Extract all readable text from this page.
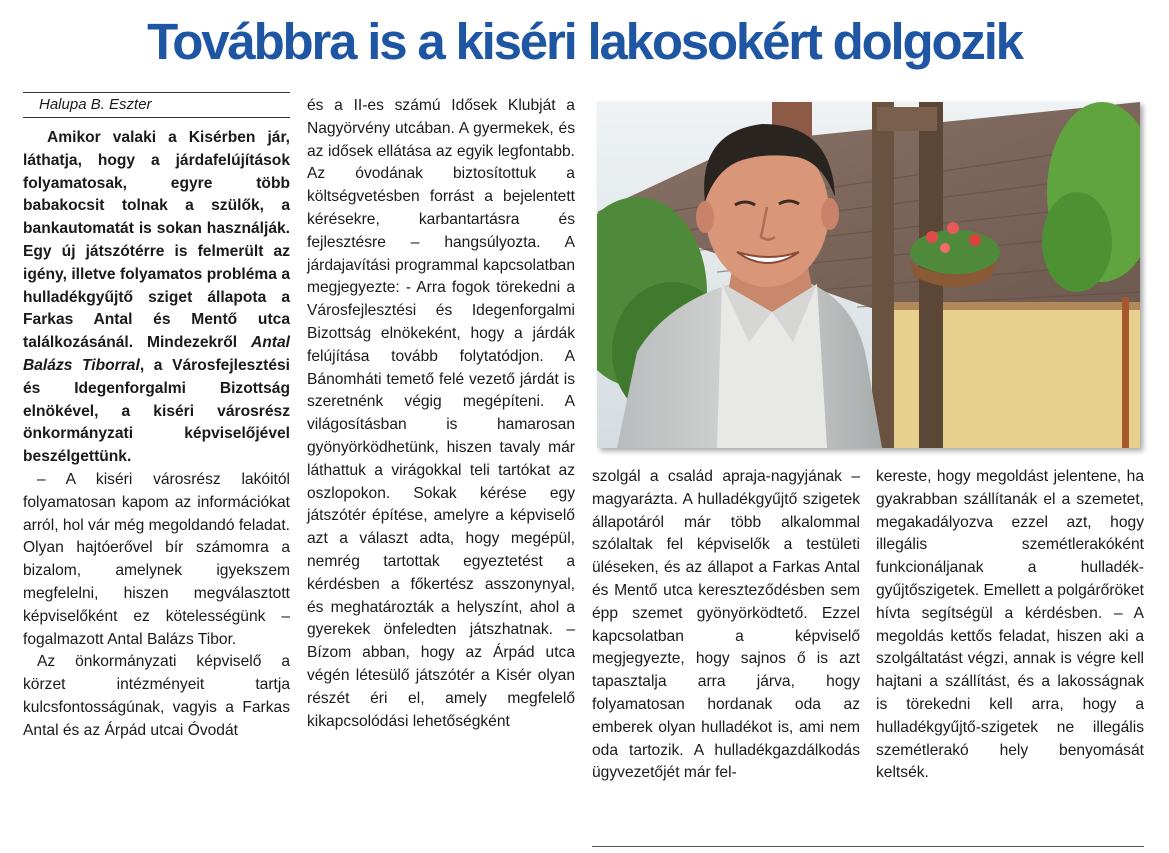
Továbbra is a kiséri lakosokért dolgozik
Halupa B. Eszter

Amikor valaki a Kisérben jár, láthatja, hogy a járdafelújítások folyamatosak, egyre több babakocsit tolnak a szülők, a bankautomatát is sokan használják. Egy új játszótérre is felmerült az igény, illetve folyamatos probléma a hulladékgyűjtő sziget állapota a Farkas Antal és Mentő utca találkozásánál. Mindezekről Antal Balázs Tiborral, a Városfejlesztési és Idegenforgalmi Bizottság elnökével, a kiséri városrész önkormányzati képviselőjével beszélgettünk.

– A kiséri városrész lakóitól folyamatosan kapom az információkat arról, hol vár még megoldandó feladat. Olyan hajtóerővel bír számomra a bizalom, amelynek igyekszem megfelelni, hiszen megválasztott képviselőként ez kötelességünk – fogalmazott Antal Balázs Tibor.

Az önkormányzati képviselő a körzet intézményeit tartja kulcsfontosságúnak, vagyis a Farkas Antal és az Árpád utcai Óvodát

és a II-es számú Idősek Klubját a Nagyörvény utcában. A gyermekek, és az idősek ellátása az egyik legfontabb. Az óvodának biztosítottuk a költségvetésben forrást a bejelentett kérésekre, karbantartásra és fejlesztésre – hangsúlyozta. A járdajavítási programmal kapcsolatban megjegyezte: - Arra fogok törekedni a Városfejlesztési és Idegenforgalmi Bizottság elnökeként, hogy a járdák felújítása tovább folytatódjon. A Bánomháti temető felé vezető járdát is szeretnénk végig megépíteni. A világosításban is hamarosan gyönyörködhetünk, hiszen tavaly már láthattuk a virágokkal teli tartókat az oszlopokon. Sokak kérése egy játszótér építése, amelyre a képviselő azt a választ adta, hogy megépül, nemrég tartottak egyeztetést a kérdésben a főkertész asszonynyal, és meghatározták a helyszínt, ahol a gyerekek önfeledten játszhatnak. –Bízom abban, hogy az Árpád utca végén létesülő játszótér a Kisér olyan részét éri el, amely megfelelő kikapcsolódási lehetőségként

szolgál a család apraja-nagyjának – magyarázta. A hulladékgyűjtő szigetek állapotáról már több alkalommal szólaltak fel képviselők a testületi üléseken, és az állapot a Farkas Antal és Mentő utca kereszteződésben sem épp szemet gyönyörködtető. Ezzel kapcsolatban a képviselő megjegyezte, hogy sajnos ő is azt tapasztalja arra járva, hogy folyamatosan hordanak oda az emberek olyan hulladékot is, ami nem oda tartozik. A hulladékgazdálkodás ügyvezetőjét már fel-

kereste, hogy megoldást jelentene, ha gyakrabban szállítanák el a szemetet, megakadályozva ezzel azt, hogy illegális szemétlerakóként funkcionáljanak a hulladék-gyűjtőszigetek. Emellett a polgárőröket hívta segítségül a kérdésben. – A megoldás kettős feladat, hiszen aki a szolgáltatást végzi, annak is végre kell hajtani a szállítást, és a lakosságnak is törekedni kell arra, hogy a hulladékgyűjtő-szigetek ne illegális szemétlerakó hely benyomását keltsék.
